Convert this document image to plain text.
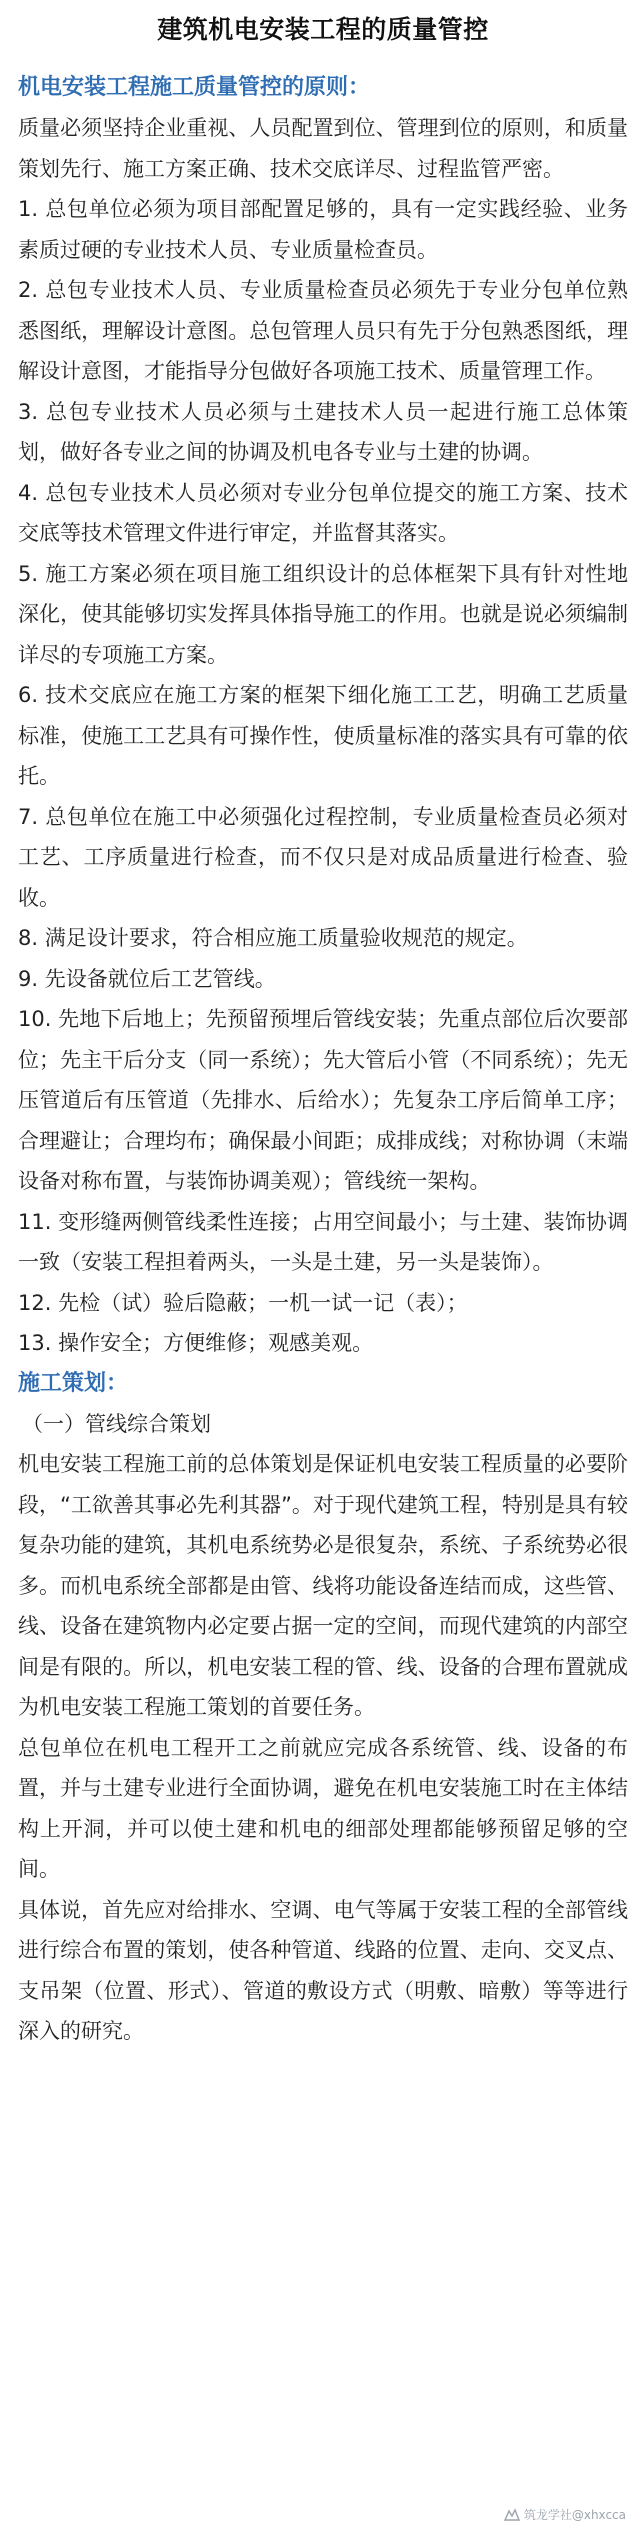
建筑机电安装工程的质量管控
机电安装工程施工质量管控的原则：

质量必须坚持企业重视、人员配置到位、管理到位的原则，和质量策划先行、施工方案正确、技术交底详尽、过程监管严密。

1. 总包单位必须为项目部配置足够的，具有一定实践经验、业务素质过硬的专业技术人员、专业质量检查员。

2. 总包专业技术人员、专业质量检查员必须先于专业分包单位熟悉图纸，理解设计意图。总包管理人员只有先于分包熟悉图纸，理解设计意图，才能指导分包做好各项施工技术、质量管理工作。

3. 总包专业技术人员必须与土建技术人员一起进行施工总体策划，做好各专业之间的协调及机电各专业与土建的协调。

4. 总包专业技术人员必须对专业分包单位提交的施工方案、技术交底等技术管理文件进行审定，并监督其落实。

5. 施工方案必须在项目施工组织设计的总体框架下具有针对性地深化，使其能够切实发挥具体指导施工的作用。也就是说必须编制详尽的专项施工方案。

6. 技术交底应在施工方案的框架下细化施工工艺，明确工艺质量标准，使施工工艺具有可操作性，使质量标准的落实具有可靠的依托。

7. 总包单位在施工中必须强化过程控制，专业质量检查员必须对工艺、工序质量进行检查，而不仅只是对成品质量进行检查、验收。

8. 满足设计要求，符合相应施工质量验收规范的规定。

9. 先设备就位后工艺管线。

10. 先地下后地上；先预留预埋后管线安装；先重点部位后次要部位；先主干后分支（同一系统）；先大管后小管（不同系统）；先无压管道后有压管道（先排水、后给水）；先复杂工序后简单工序；合理避让；合理均布；确保最小间距；成排成线；对称协调（末端设备对称布置，与装饰协调美观）；管线统一架构。

11. 变形缝两侧管线柔性连接；占用空间最小；与土建、装饰协调一致（安装工程担着两头，一头是土建，另一头是装饰）。

12. 先检（试）验后隐蔽；一机一试一记（表）；

13. 操作安全；方便维修；观感美观。

施工策划：

（一）管线综合策划

机电安装工程施工前的总体策划是保证机电安装工程质量的必要阶段，“工欲善其事必先利其器”。对于现代建筑工程，特别是具有较复杂功能的建筑，其机电系统势必是很复杂，系统、子系统势必很多。而机电系统全部都是由管、线将功能设备连结而成，这些管、线、设备在建筑物内必定要占据一定的空间，而现代建筑的内部空间是有限的。所以，机电安装工程的管、线、设备的合理布置就成为机电安装工程施工策划的首要任务。

总包单位在机电工程开工之前就应完成各系统管、线、设备的布置，并与土建专业进行全面协调，避免在机电安装施工时在主体结构上开洞，并可以使土建和机电的细部处理都能够预留足够的空间。

具体说，首先应对给排水、空调、电气等属于安装工程的全部管线进行综合布置的策划，使各种管道、线路的位置、走向、交叉点、支吊架（位置、形式）、管道的敷设方式（明敷、暗敷）等等进行深入的研究。

筑龙学社@xhxcca
